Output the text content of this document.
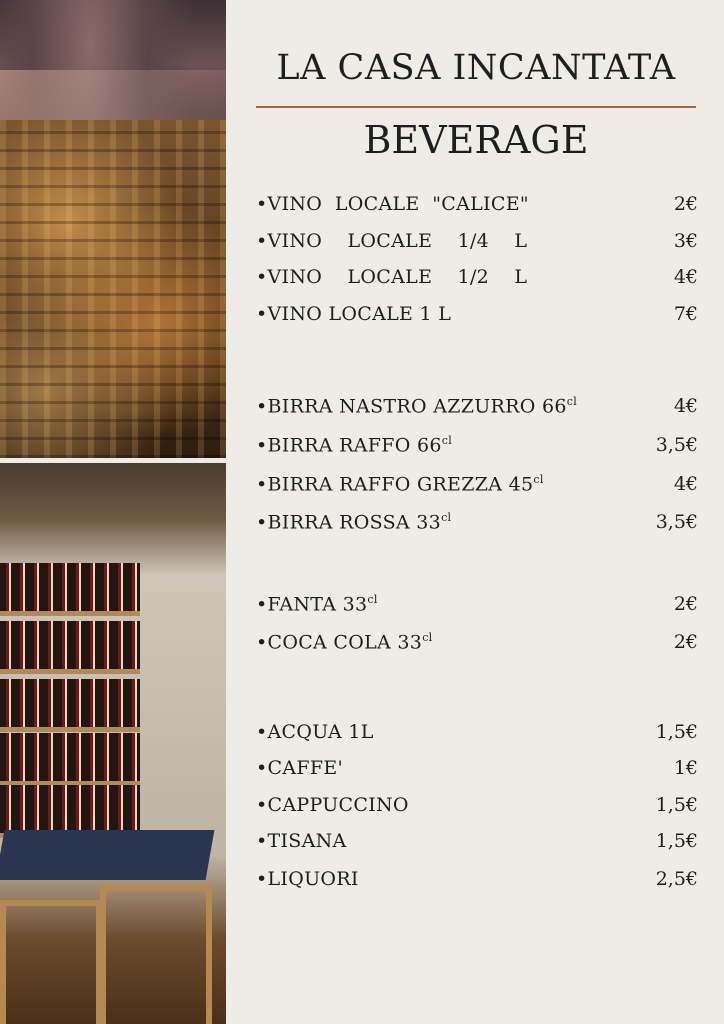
LA CASA INCANTATA
BEVERAGE
•VINO  LOCALE  "CALICE"	2€
•VINO    LOCALE    1/4    L	3€
•VINO    LOCALE    1/2    L	4€
•VINO LOCALE 1 L	7€
•BIRRA NASTRO AZZURRO $66^{cl}$	4€
•BIRRA RAFFO $66^{cl}$	3,5€
•BIRRA RAFFO GREZZA $45^{cl}$	4€
•BIRRA ROSSA $33^{cl}$	3,5€
•FANTA $33^{cl}$	2€
•COCA COLA $33^{cl}$	2€
•ACQUA 1L	1,5€
•CAFFE'	1€
•CAPPUCCINO	1,5€
•TISANA	1,5€
•LIQUORI	2,5€
